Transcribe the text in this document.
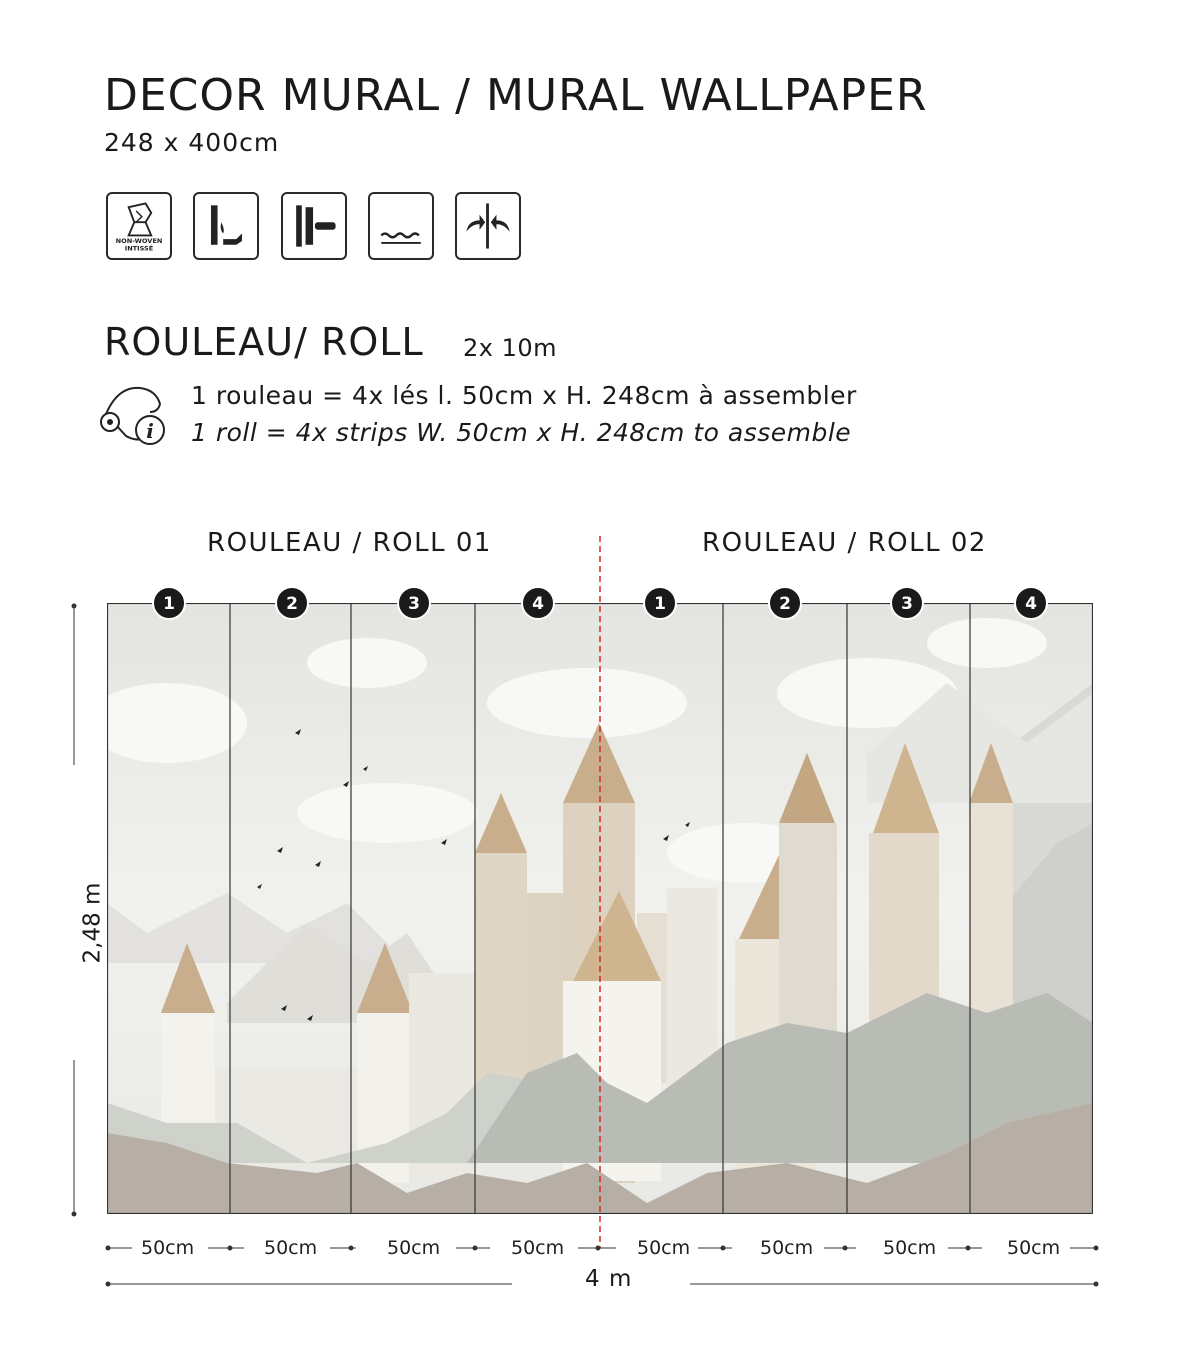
DECOR MURAL / MURAL WALLPAPER
248 x 400cm
NON-WOVEN
INTISSÉ
ROULEAU/ ROLL 2x 10m
i
1 rouleau = 4x lés l. 50cm x H. 248cm à assembler
1 roll = 4x strips W. 50cm x H. 248cm to assemble
ROULEAU / ROLL 01	ROULEAU / ROLL 02
1	2	3	4	1	2	3	4
2,48 m
50cm	50cm	50cm	50cm	50cm	50cm	50cm	50cm
4 m
